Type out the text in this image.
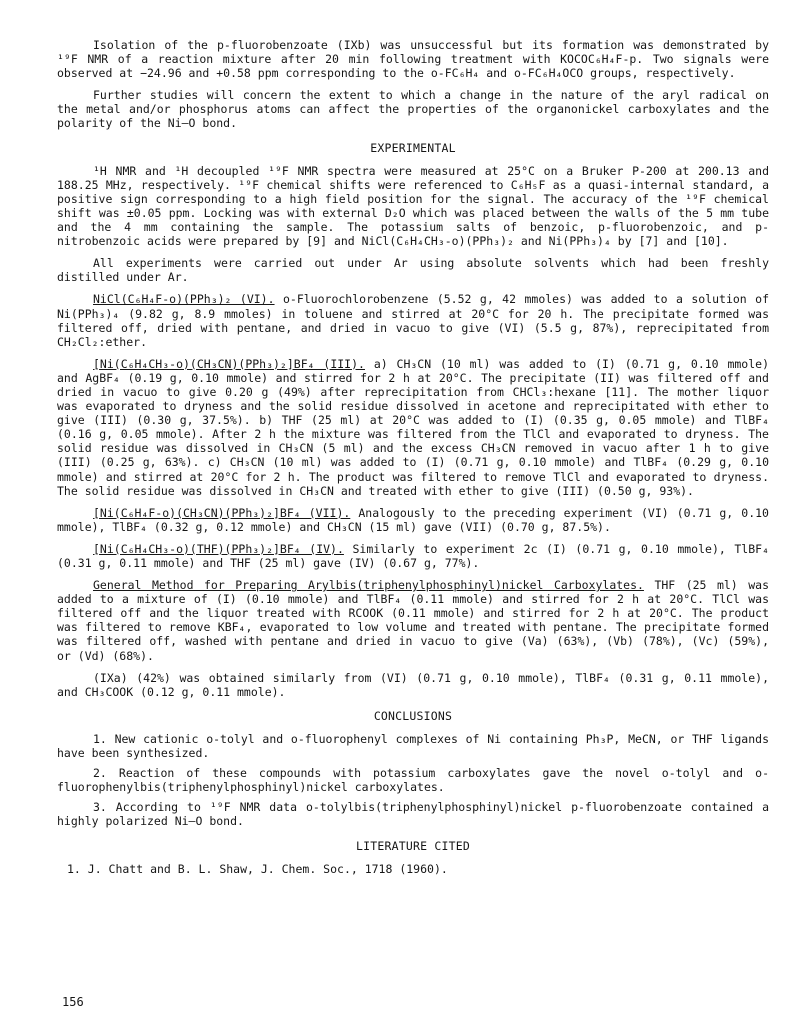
Isolation of the p-fluorobenzoate (IXb) was unsuccessful but its formation was demonstrated by ¹⁹F NMR of a reaction mixture after 20 min following treatment with KOCOC₆H₄F-p. Two signals were observed at −24.96 and +0.58 ppm corresponding to the o-FC₆H₄ and o-FC₆H₄OCO groups, respectively.

Further studies will concern the extent to which a change in the nature of the aryl radical on the metal and/or phosphorus atoms can affect the properties of the organonickel carboxylates and the polarity of the Ni—O bond.

EXPERIMENTAL

¹H NMR and ¹H decoupled ¹⁹F NMR spectra were measured at 25°C on a Bruker P-200 at 200.13 and 188.25 MHz, respectively. ¹⁹F chemical shifts were referenced to C₆H₅F as a quasi-internal standard, a positive sign corresponding to a high field position for the signal. The accuracy of the ¹⁹F chemical shift was ±0.05 ppm. Locking was with external D₂O which was placed between the walls of the 5 mm tube and the 4 mm containing the sample. The potassium salts of benzoic, p-fluorobenzoic, and p-nitrobenzoic acids were prepared by [9] and NiCl(C₆H₄CH₃-o)(PPh₃)₂ and Ni(PPh₃)₄ by [7] and [10].

All experiments were carried out under Ar using absolute solvents which had been freshly distilled under Ar.

NiCl(C₆H₄F-o)(PPh₃)₂ (VI). o-Fluorochlorobenzene (5.52 g, 42 mmoles) was added to a solution of Ni(PPh₃)₄ (9.82 g, 8.9 mmoles) in toluene and stirred at 20°C for 20 h. The precipitate formed was filtered off, dried with pentane, and dried in vacuo to give (VI) (5.5 g, 87%), reprecipitated from CH₂Cl₂:ether.

[Ni(C₆H₄CH₃-o)(CH₃CN)(PPh₃)₂]BF₄ (III). a) CH₃CN (10 ml) was added to (I) (0.71 g, 0.10 mmole) and AgBF₄ (0.19 g, 0.10 mmole) and stirred for 2 h at 20°C. The precipitate (II) was filtered off and dried in vacuo to give 0.20 g (49%) after reprecipitation from CHCl₃:hexane [11]. The mother liquor was evaporated to dryness and the solid residue dissolved in acetone and reprecipitated with ether to give (III) (0.30 g, 37.5%). b) THF (25 ml) at 20°C was added to (I) (0.35 g, 0.05 mmole) and TlBF₄ (0.16 g, 0.05 mmole). After 2 h the mixture was filtered from the TlCl and evaporated to dryness. The solid residue was dissolved in CH₃CN (5 ml) and the excess CH₃CN removed in vacuo after 1 h to give (III) (0.25 g, 63%). c) CH₃CN (10 ml) was added to (I) (0.71 g, 0.10 mmole) and TlBF₄ (0.29 g, 0.10 mmole) and stirred at 20°C for 2 h. The product was filtered to remove TlCl and evaporated to dryness. The solid residue was dissolved in CH₃CN and treated with ether to give (III) (0.50 g, 93%).

[Ni(C₆H₄F-o)(CH₃CN)(PPh₃)₂]BF₄ (VII). Analogously to the preceding experiment (VI) (0.71 g, 0.10 mmole), TlBF₄ (0.32 g, 0.12 mmole) and CH₃CN (15 ml) gave (VII) (0.70 g, 87.5%).

[Ni(C₆H₄CH₃-o)(THF)(PPh₃)₂]BF₄ (IV). Similarly to experiment 2c (I) (0.71 g, 0.10 mmole), TlBF₄ (0.31 g, 0.11 mmole) and THF (25 ml) gave (IV) (0.67 g, 77%).

General Method for Preparing Arylbis(triphenylphosphinyl)nickel Carboxylates. THF (25 ml) was added to a mixture of (I) (0.10 mmole) and TlBF₄ (0.11 mmole) and stirred for 2 h at 20°C. TlCl was filtered off and the liquor treated with RCOOK (0.11 mmole) and stirred for 2 h at 20°C. The product was filtered to remove KBF₄, evaporated to low volume and treated with pentane. The precipitate formed was filtered off, washed with pentane and dried in vacuo to give (Va) (63%), (Vb) (78%), (Vc) (59%), or (Vd) (68%).

(IXa) (42%) was obtained similarly from (VI) (0.71 g, 0.10 mmole), TlBF₄ (0.31 g, 0.11 mmole), and CH₃COOK (0.12 g, 0.11 mmole).

CONCLUSIONS
1. New cationic o-tolyl and o-fluorophenyl complexes of Ni containing Ph₃P, MeCN, or THF ligands have been synthesized.
2. Reaction of these compounds with potassium carboxylates gave the novel o-tolyl and o-fluorophenylbis(triphenylphosphinyl)nickel carboxylates.
3. According to ¹⁹F NMR data o-tolylbis(triphenylphosphinyl)nickel p-fluorobenzoate contained a highly polarized Ni—O bond.
LITERATURE CITED
1. J. Chatt and B. L. Shaw, J. Chem. Soc., 1718 (1960).
156
